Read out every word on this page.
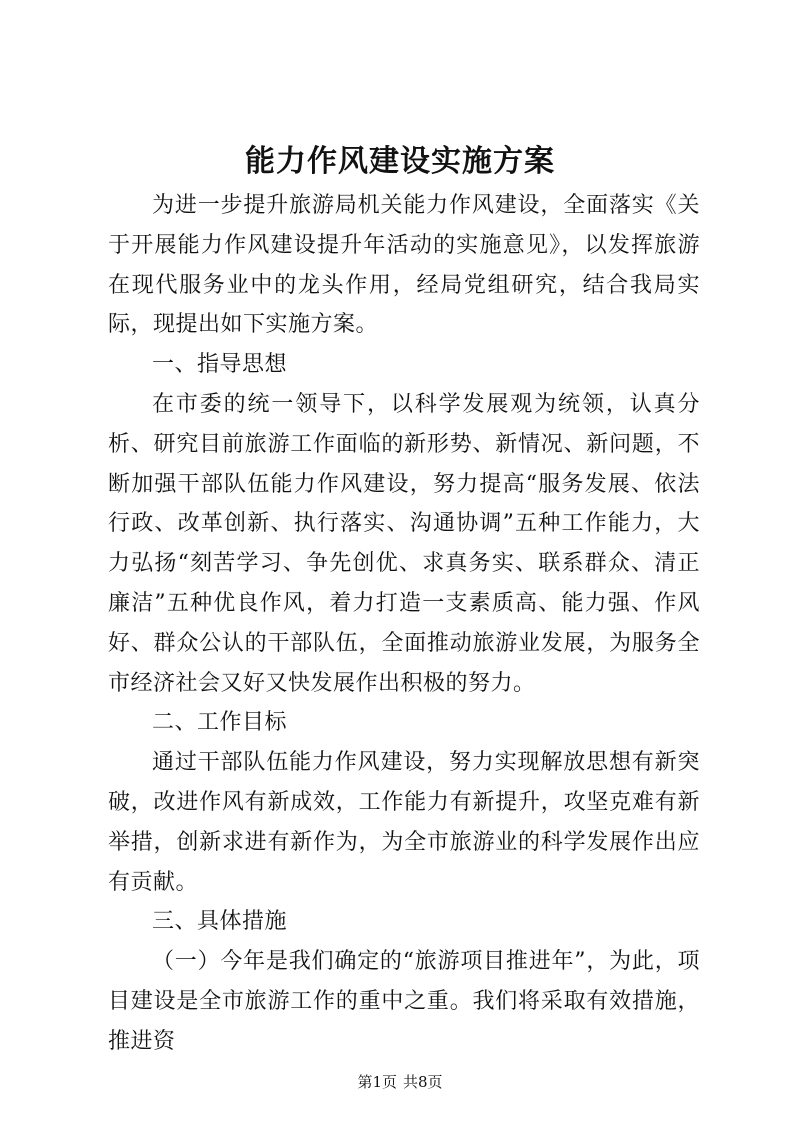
能力作风建设实施方案

为进一步提升旅游局机关能力作风建设，全面落实《关于开展能力作风建设提升年活动的实施意见》，以发挥旅游在现代服务业中的龙头作用，经局党组研究，结合我局实际，现提出如下实施方案。

一、指导思想

在市委的统一领导下，以科学发展观为统领，认真分析、研究目前旅游工作面临的新形势、新情况、新问题，不断加强干部队伍能力作风建设，努力提高“服务发展、依法行政、改革创新、执行落实、沟通协调”五种工作能力，大力弘扬“刻苦学习、争先创优、求真务实、联系群众、清正廉洁”五种优良作风，着力打造一支素质高、能力强、作风好、群众公认的干部队伍，全面推动旅游业发展，为服务全市经济社会又好又快发展作出积极的努力。

二、工作目标

通过干部队伍能力作风建设，努力实现解放思想有新突破，改进作风有新成效，工作能力有新提升，攻坚克难有新举措，创新求进有新作为，为全市旅游业的科学发展作出应有贡献。

三、具体措施

（一）今年是我们确定的“旅游项目推进年”，为此，项目建设是全市旅游工作的重中之重。我们将采取有效措施，推进资

第1页 共8页
